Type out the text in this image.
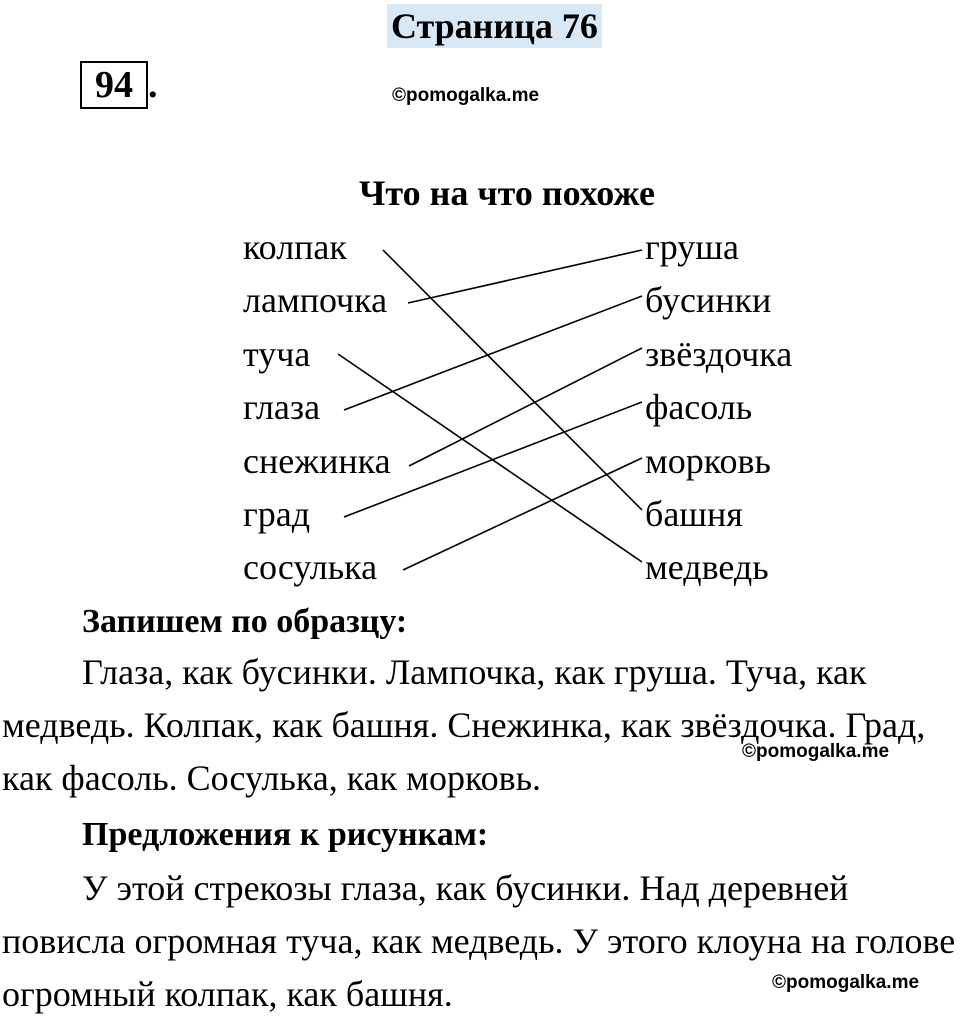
Страница 76
94 .	©pomogalka.me
Что на что похоже
колпак
лампочка
туча
глаза
снежинка
град
сосулька
груша
бусинки
звёздочка
фасоль
морковь
башня
медведь
Запишем по образцу:
Глаза, как бусинки. Лампочка, как груша. Туча, как медведь. Колпак, как башня. Снежинка, как звёздочка. Град, как фасоль. Сосулька, как морковь.
©pomogalka.me
Предложения к рисункам:
У этой стрекозы глаза, как бусинки. Над деревней повисла огромная туча, как медведь. У этого клоуна на голове огромный колпак, как башня.	©pomogalka.me
